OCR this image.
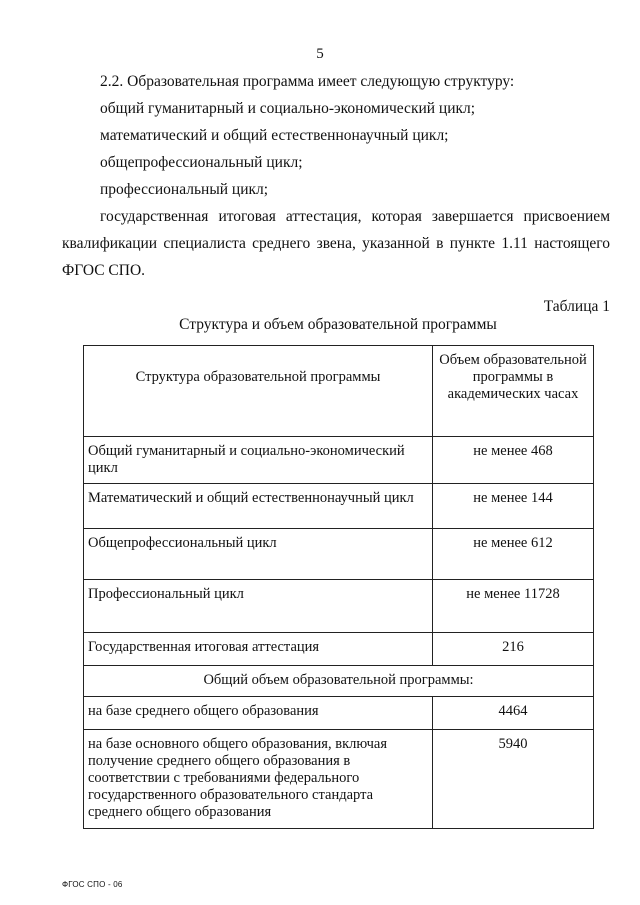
5

2.2. Образовательная программа имеет следующую структуру:

общий гуманитарный и социально-экономический цикл;

математический и общий естественнонаучный цикл;

общепрофессиональный цикл;

профессиональный цикл;

государственная итоговая аттестация, которая завершается присвоением квалификации специалиста среднего звена, указанной в пункте 1.11 настоящего ФГОС СПО.

Таблица 1
Структура и объем образовательной программы
Структура образовательной программы	Объем образовательной программы в академических часах
Общий гуманитарный и социально-экономический цикл	не менее 468
Математический и общий естественнонаучный цикл	не менее 144
Общепрофессиональный цикл	не менее 612
Профессиональный цикл	не менее 11728
Государственная итоговая аттестация	216
Общий объем образовательной программы:	
на базе среднего общего образования	4464
на базе основного общего образования, включая получение среднего общего образования в соответствии с требованиями федерального государственного образовательного стандарта среднего общего образования	5940
ФГОС СПО - 06
